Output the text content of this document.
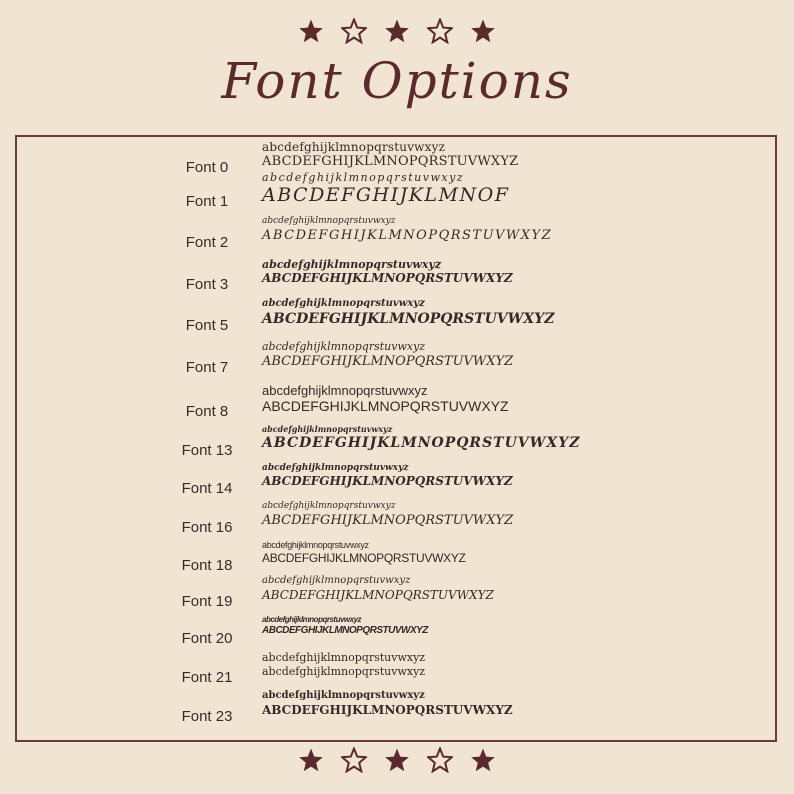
Font Options
Font 0
abcdefghijklmnopqrstuvwxyz
ABCDEFGHIJKLMNOPQRSTUVWXYZ
Font 1
abcdefghijklmnopqrstuvwxyz
ABCDEFGHIJKLMNOF
Font 2
abcdefghijklmnopqrstuvwxyz
ABCDEFGHIJKLMNOPQRSTUVWXYZ
Font 3
abcdefghijklmnopqrstuvwxyz
ABCDEFGHIJKLMNOPQRSTUVWXYZ
Font 5
abcdefghijklmnopqrstuvwxyz
ABCDEFGHIJKLMNOPQRSTUVWXYZ
Font 7
abcdefghijklmnopqrstuvwxyz
ABCDEFGHIJKLMNOPQRSTUVWXYZ
Font 8
abcdefghijklmnopqrstuvwxyz
ABCDEFGHIJKLMNOPQRSTUVWXYZ
Font 13
abcdefghijklmnopqrstuvwxyz
ABCDEFGHIJKLMNOPQRSTUVWXYZ
Font 14
abcdefghijklmnopqrstuvwxyz
ABCDEFGHIJKLMNOPQRSTUVWXYZ
Font 16
abcdefghijklmnopqrstuvwxyz
ABCDEFGHIJKLMNOPQRSTUVWXYZ
Font 18
abcdefghijklmnopqrstuvwxyz
ABCDEFGHIJKLMNOPQRSTUVWXYZ
Font 19
abcdefghijklmnopqrstuvwxyz
ABCDEFGHIJKLMNOPQRSTUVWXYZ
Font 20
abcdefghijklmnopqrstuvwxyz
ABCDEFGHIJKLMNOPQRSTUVWXYZ
Font 21
abcdefghijklmnopqrstuvwxyz
abcdefghijklmnopqrstuvwxyz
Font 23
abcdefghijklmnopqrstuvwxyz
ABCDEFGHIJKLMNOPQRSTUVWXYZ
